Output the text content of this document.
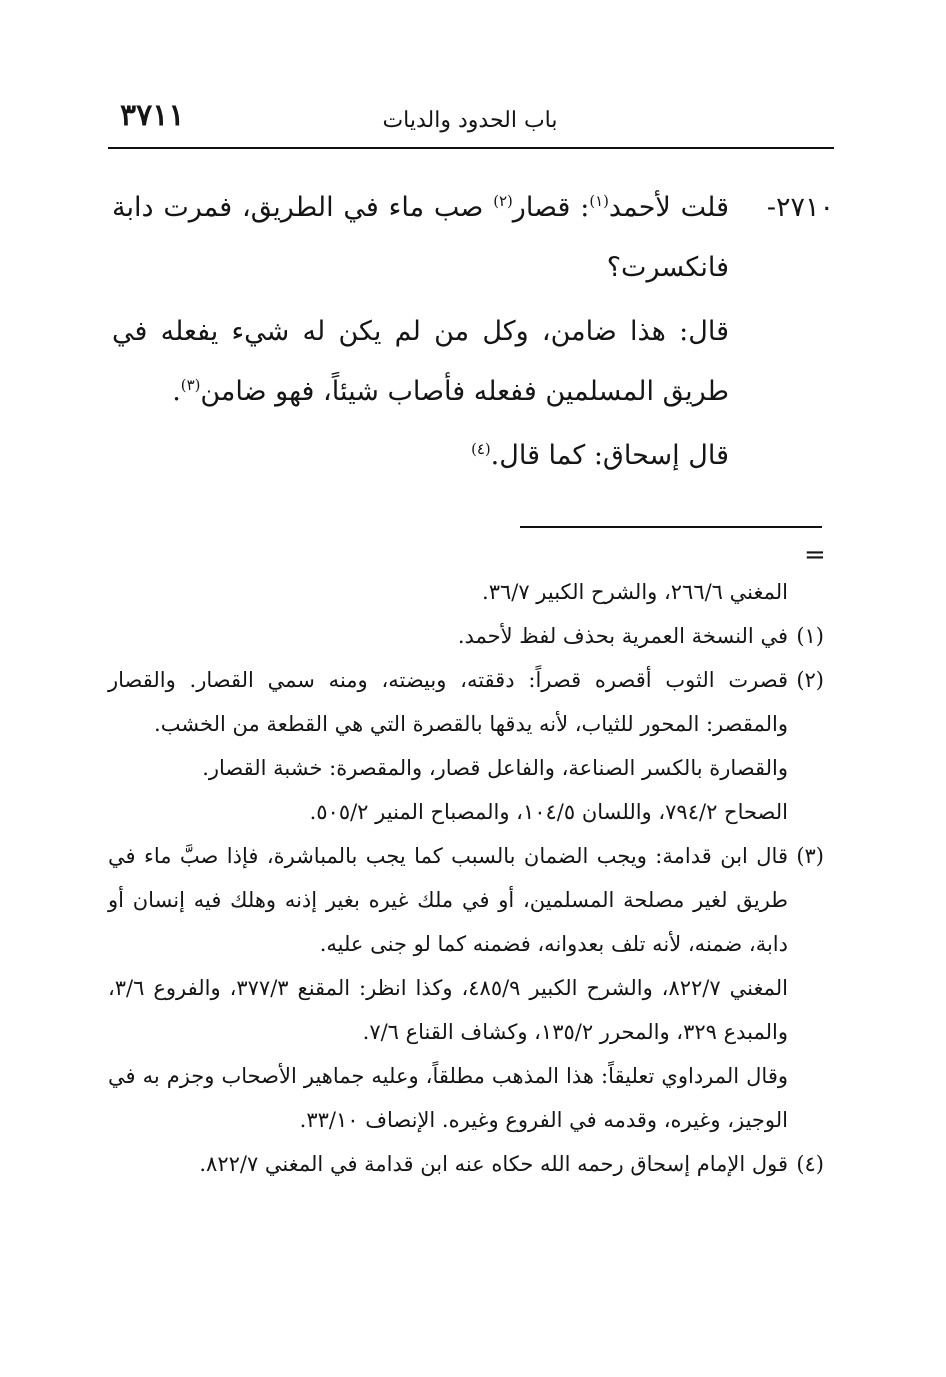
٣٧١١	باب الحدود والديات

٢٧١٠-قلت لأحمد$^{(١)}$: قصار$^{(٢)}$ صب ماء في الطريق، فمرت دابة فانكسرت؟

قال: هذا ضامن، وكل من لم يكن له شيء يفعله في طريق المسلمين ففعله فأصاب شيئاً، فهو ضامن$^{(٣)}$.

قال إسحاق: كما قال.$^{(٤)}$

=

المغني ٢٦٦/٦، والشرح الكبير ٣٦/٧.

(١)في النسخة العمرية بحذف لفظ لأحمد.

(٢)قصرت الثوب أقصره قصراً: دققته، وبيضته، ومنه سمي القصار. والقصار والمقصر: المحور للثياب، لأنه يدقها بالقصرة التي هي القطعة من الخشب.

والقصارة بالكسر الصناعة، والفاعل قصار، والمقصرة: خشبة القصار.

الصحاح ٧٩٤/٢، واللسان ١٠٤/٥، والمصباح المنير ٥٠٥/٢.

(٣)قال ابن قدامة: ويجب الضمان بالسبب كما يجب بالمباشرة، فإذا صبَّ ماء في طريق لغير مصلحة المسلمين، أو في ملك غيره بغير إذنه وهلك فيه إنسان أو دابة، ضمنه، لأنه تلف بعدوانه، فضمنه كما لو جنى عليه.

المغني ٨٢٢/٧، والشرح الكبير ٤٨٥/٩، وكذا انظر: المقنع ٣٧٧/٣، والفروع ٣/٦، والمبدع ٣٢٩، والمحرر ١٣٥/٢، وكشاف القناع ٧/٦.

وقال المرداوي تعليقاً: هذا المذهب مطلقاً، وعليه جماهير الأصحاب وجزم به في الوجيز، وغيره، وقدمه في الفروع وغيره. الإنصاف ٣٣/١٠.

(٤)قول الإمام إسحاق رحمه الله حكاه عنه ابن قدامة في المغني ٨٢٢/٧.
